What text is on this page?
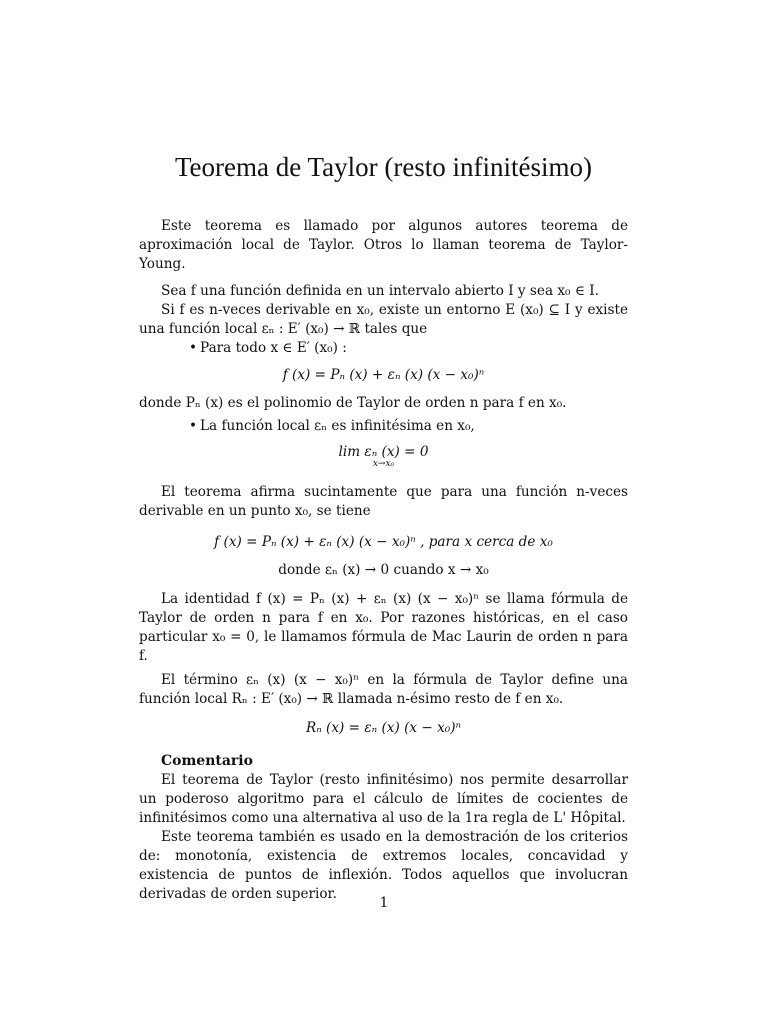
Teorema de Taylor (resto infinitésimo)

Este teorema es llamado por algunos autores teorema de aproximación local de Taylor. Otros lo llaman teorema de Taylor-Young.

Sea f una función definida en un intervalo abierto I y sea x₀ ∈ I.

Si f es n-veces derivable en x₀, existe un entorno E (x₀) ⊆ I y existe una función local εₙ : E′ (x₀) → ℝ tales que

• Para todo x ∈ E′ (x₀) :

f (x) = Pₙ (x) + εₙ (x) (x − x₀)ⁿ

donde Pₙ (x) es el polinomio de Taylor de orden n para f en x₀.

• La función local εₙ es infinitésima en x₀,

lim εₙ (x) = 0
x→x₀

El teorema afirma sucintamente que para una función n-veces derivable en un punto x₀, se tiene

f (x) = Pₙ (x) + εₙ (x) (x − x₀)ⁿ , para x cerca de x₀
donde εₙ (x) → 0 cuando x → x₀

La identidad f (x) = Pₙ (x) + εₙ (x) (x − x₀)ⁿ se llama fórmula de Taylor de orden n para f en x₀. Por razones históricas, en el caso particular x₀ = 0, le llamamos fórmula de Mac Laurin de orden n para f.

El término εₙ (x) (x − x₀)ⁿ en la fórmula de Taylor define una función local Rₙ : E′ (x₀) → ℝ llamada n-ésimo resto de f en x₀.

Rₙ (x) = εₙ (x) (x − x₀)ⁿ
Comentario

El teorema de Taylor (resto infinitésimo) nos permite desarrollar un poderoso algoritmo para el cálculo de límites de cocientes de infinitésimos como una alternativa al uso de la 1ra regla de L' Hôpital.

Este teorema también es usado en la demostración de los criterios de: monotonía, existencia de extremos locales, concavidad y existencia de puntos de inflexión. Todos aquellos que involucran derivadas de orden superior.

1
